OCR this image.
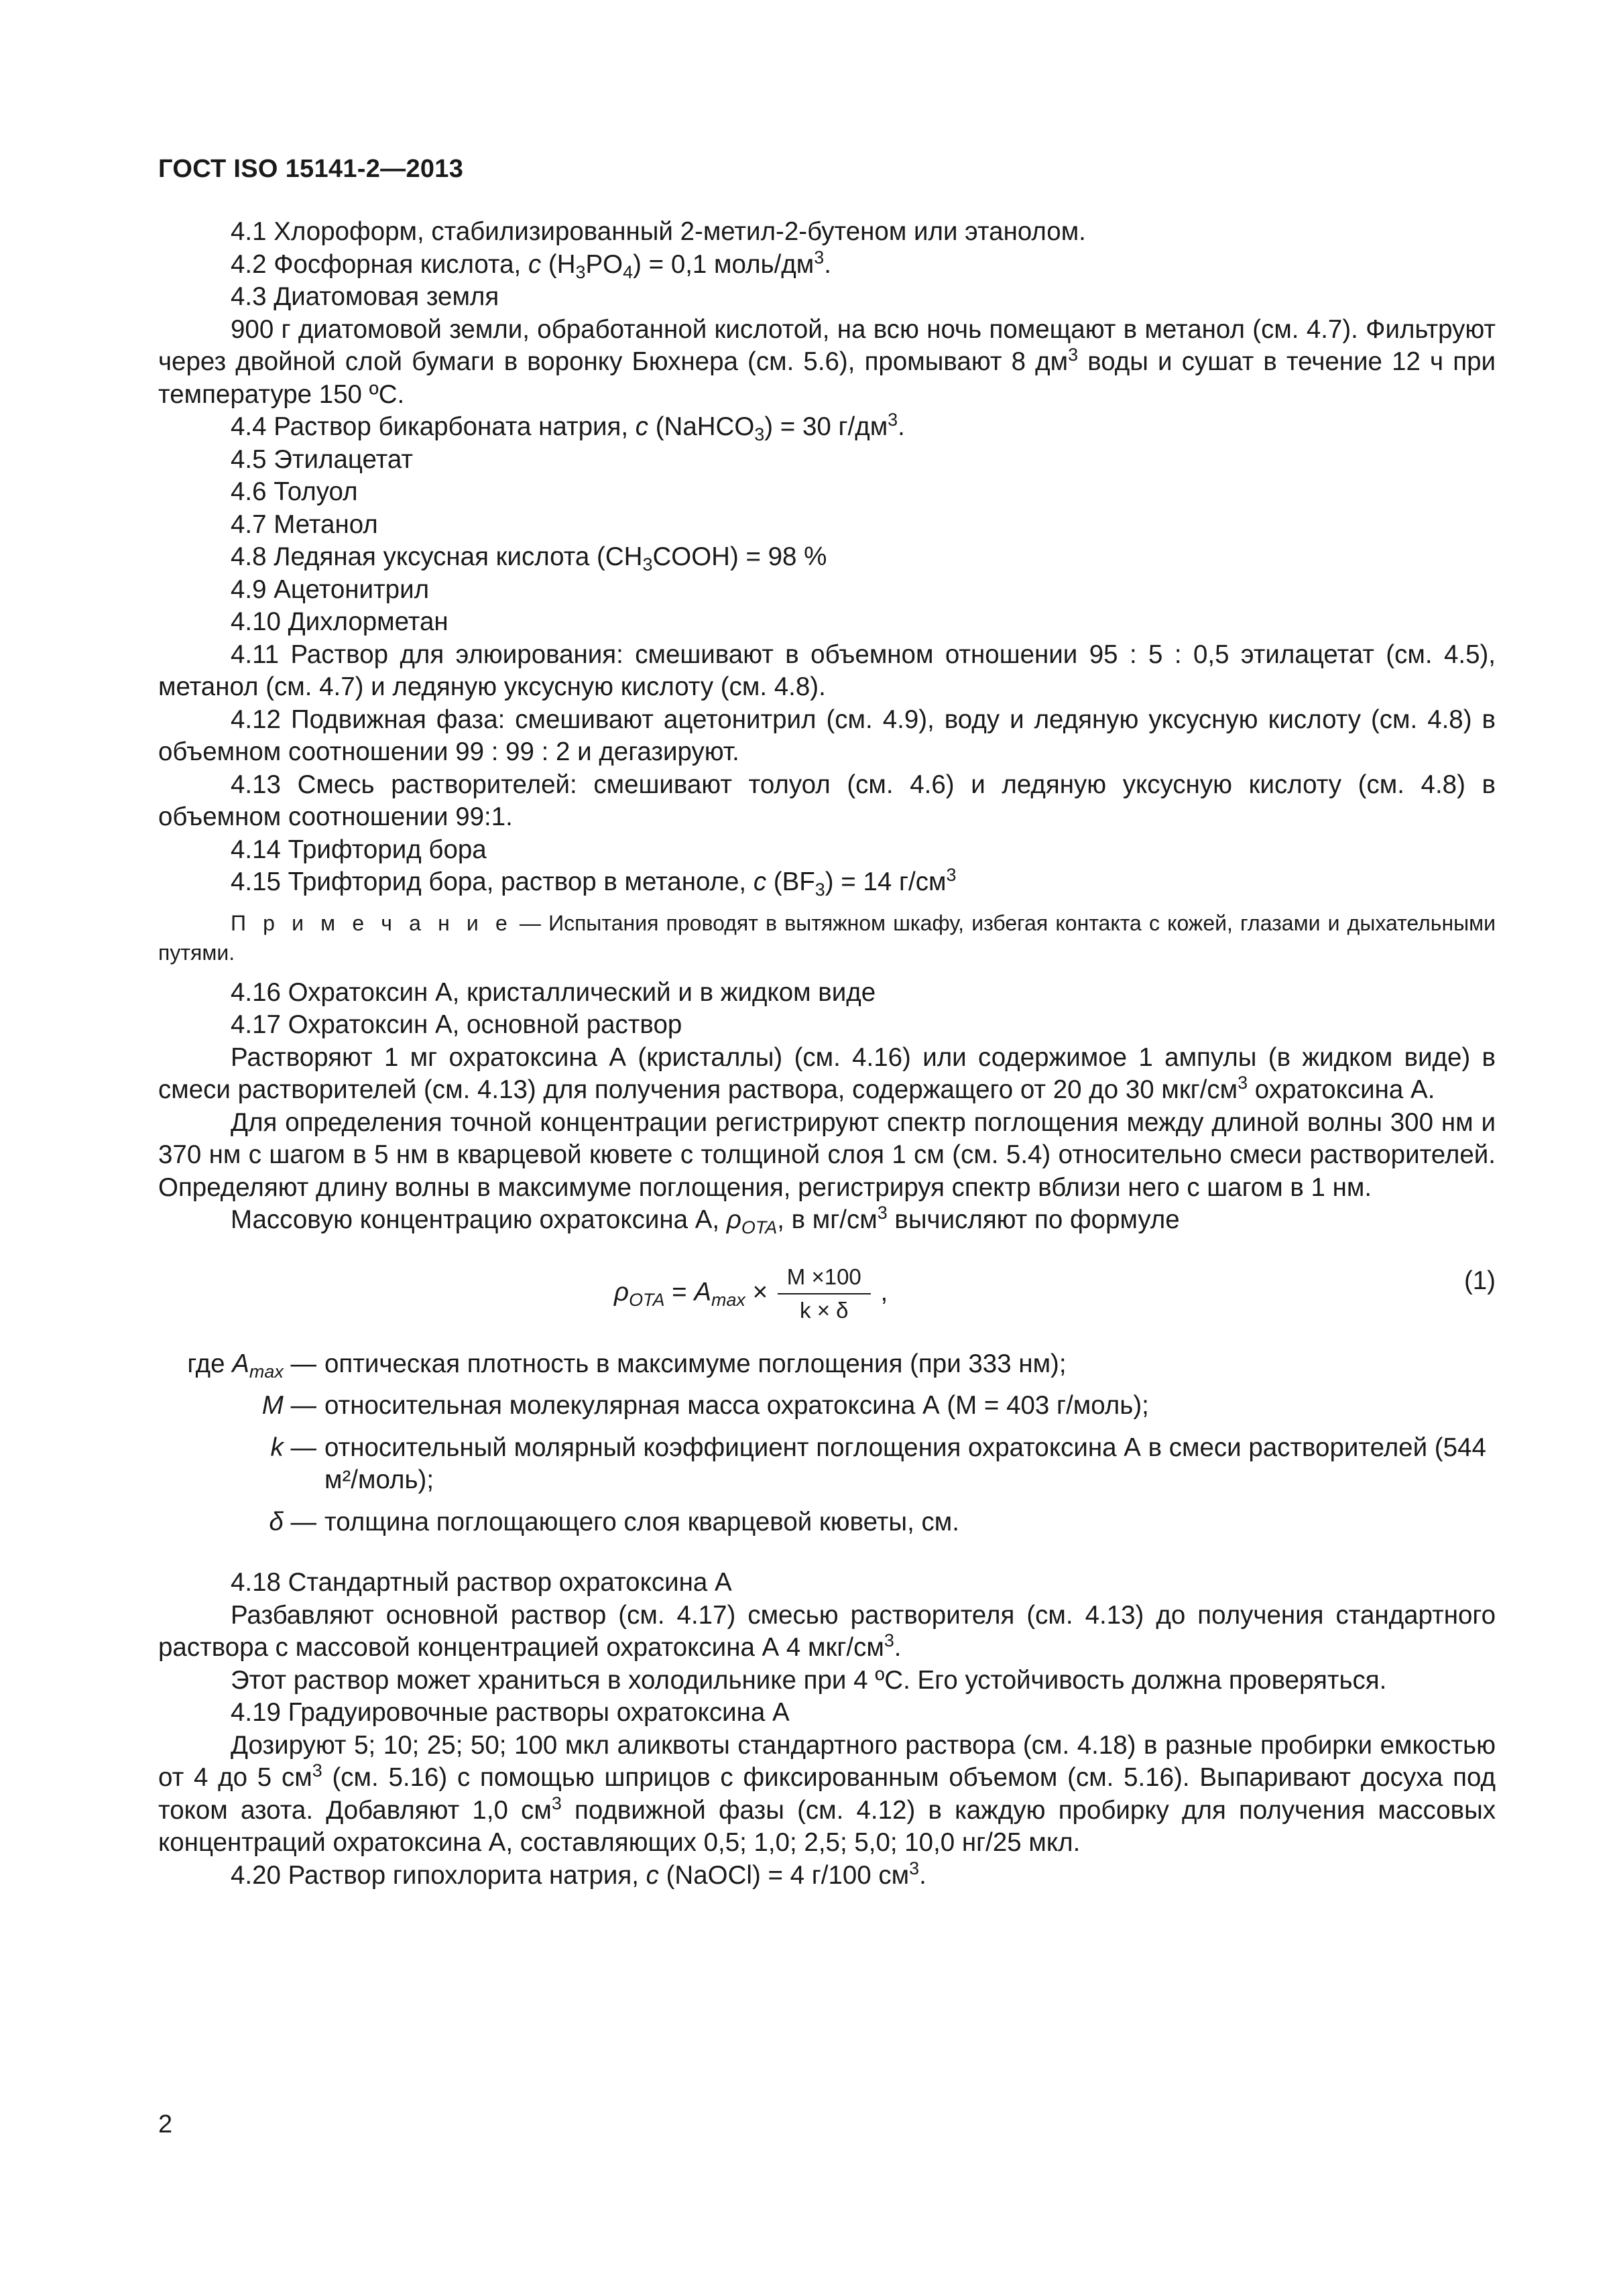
ГОСТ ISO 15141-2—2013

4.1 Хлороформ, стабилизированный 2-метил-2-бутеном или этанолом.

4.2 Фосфорная кислота, c $(H_3PO_4) = 0,1$ моль/$дм^3$.

4.3 Диатомовая земля

900 г диатомовой земли, обработанной кислотой, на всю ночь помещают в метанол (см. 4.7). Фильтруют через двойной слой бумаги в воронку Бюхнера (см. 5.6), промывают 8 $дм^3$ воды и сушат в течение 12 ч при температуре 150 ºC.

4.4 Раствор бикарбоната натрия, c (NaHCO$_3$) = 30 $г/дм^3$.

4.5 Этилацетат

4.6 Толуол

4.7 Метанол

4.8 Ледяная уксусная кислота $(CH_3COOH) = 98$ %

4.9 Ацетонитрил

4.10 Дихлорметан

4.11 Раствор для элюирования: смешивают в объемном отношении 95 : 5 : 0,5 этилацетат (см. 4.5), метанол (см. 4.7) и ледяную уксусную кислоту (см. 4.8).

4.12 Подвижная фаза: смешивают ацетонитрил (см. 4.9), воду и ледяную уксусную кислоту (см. 4.8) в объемном соотношении 99 : 99 : 2 и дегазируют.

4.13 Смесь растворителей: смешивают толуол (см. 4.6) и ледяную уксусную кислоту (см. 4.8) в объемном соотношении 99:1.

4.14 Трифторид бора

4.15 Трифторид бора, раствор в метаноле, c $(BF_3) = 14$ $г/см^3$

П р и м е ч а н и е — Испытания проводят в вытяжном шкафу, избегая контакта с кожей, глазами и дыхательными путями.

4.16 Охратоксин А, кристаллический и в жидком виде

4.17 Охратоксин А, основной раствор

Растворяют 1 мг охратоксина А (кристаллы) (см. 4.16) или содержимое 1 ампулы (в жидком виде) в смеси растворителей (см. 4.13) для получения раствора, содержащего от 20 до 30 мкг/$см^3$ охратоксина А.

Для определения точной концентрации регистрируют спектр поглощения между длиной волны 300 нм и 370 нм с шагом в 5 нм в кварцевой кювете с толщиной слоя 1 см (см. 5.4) относительно смеси растворителей. Определяют длину волны в максимуме поглощения, регистрируя спектр вблизи него с шагом в 1 нм.

Массовую концентрацию охратоксина А, $\rho_{OTA}$, в $мг/см^3$ вычисляют по формуле

$\rho_{OTA} = A_{max} \times \frac{M \times 100}{k \times \delta}$ ,	(1)
где $A_{max}$ — оптическая плотность в максимуме поглощения (при 333 нм);
M — относительная молекулярная масса охратоксина А (M = 403 г/моль);
k — относительный молярный коэффициент поглощения охратоксина А в смеси растворителей (544 м²/моль);
δ — толщина поглощающего слоя кварцевой кюветы, см.

4.18 Стандартный раствор охратоксина А

Разбавляют основной раствор (см. 4.17) смесью растворителя (см. 4.13) до получения стандартного раствора с массовой концентрацией охратоксина А 4 мкг/$см^3$.

Этот раствор может храниться в холодильнике при 4 ºC. Его устойчивость должна проверяться.

4.19 Градуировочные растворы охратоксина А

Дозируют 5; 10; 25; 50; 100 мкл аликвоты стандартного раствора (см. 4.18) в разные пробирки емкостью от 4 до 5 $см^3$ (см. 5.16) с помощью шприцов с фиксированным объемом (см. 5.16). Выпаривают досуха под током азота. Добавляют 1,0 $см^3$ подвижной фазы (см. 4.12) в каждую пробирку для получения массовых концентраций охратоксина А, составляющих 0,5; 1,0; 2,5; 5,0; 10,0 нг/25 мкл.

4.20 Раствор гипохлорита натрия, c (NaOCl) = 4 г/100 $см^3$.

2
